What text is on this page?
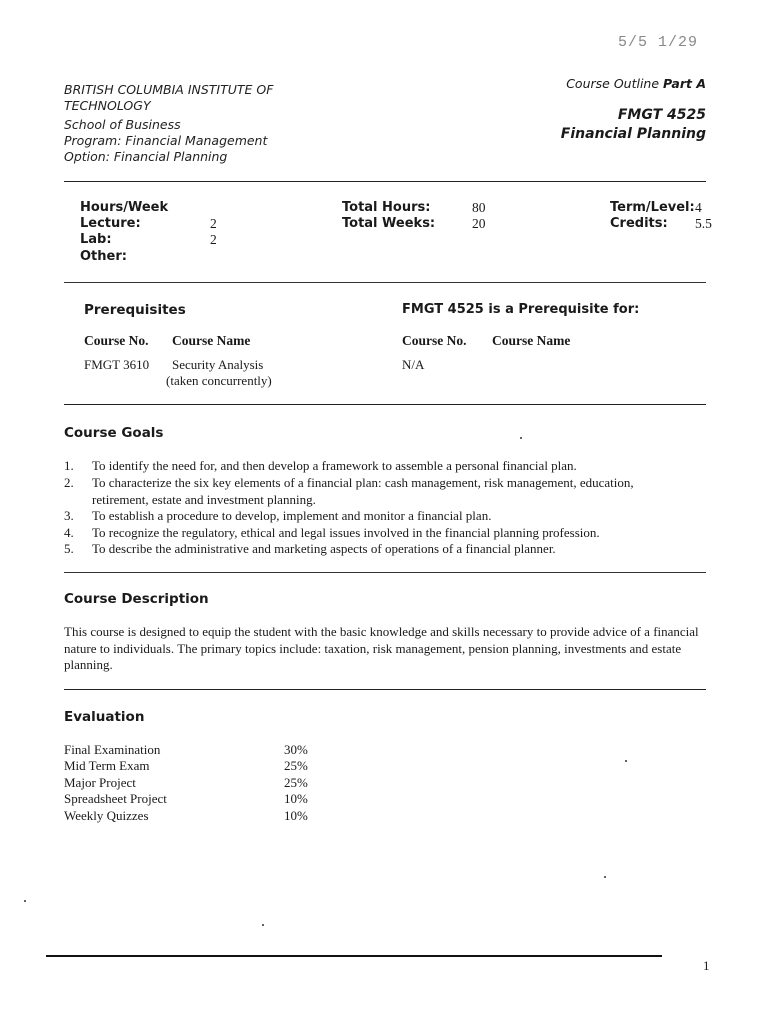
5/5 1/29
BRITISH COLUMBIA INSTITUTE OF
TECHNOLOGY
School of Business
Program: Financial Management
Option: Financial Planning
Course Outline Part A
FMGT 4525
Financial Planning
Hours/Week
Lecture:	2
Lab:	2
Other:
Total Hours:	80
Total Weeks:	20
Term/Level: 4
Credits: 5.5
Prerequisites
Course No. Course Name
FMGT 3610 Security Analysis
(taken concurrently)
FMGT 4525 is a Prerequisite for:
Course No. Course Name
N/A
Course Goals
1.	To identify the need for, and then develop a framework to assemble a personal financial plan.
2.	To characterize the six key elements of a financial plan: cash management, risk management, education,
retirement, estate and investment planning.
3.	To establish a procedure to develop, implement and monitor a financial plan.
4.	To recognize the regulatory, ethical and legal issues involved in the financial planning profession.
5.	To describe the administrative and marketing aspects of operations of a financial planner.
Course Description
This course is designed to equip the student with the basic knowledge and skills necessary to provide advice of a financial nature to individuals. The primary topics include: taxation, risk management, pension planning, investments and estate planning.
Evaluation
Final Examination	30%
Mid Term Exam	25%
Major Project	25%
Spreadsheet Project	10%
Weekly Quizzes	10%
1
